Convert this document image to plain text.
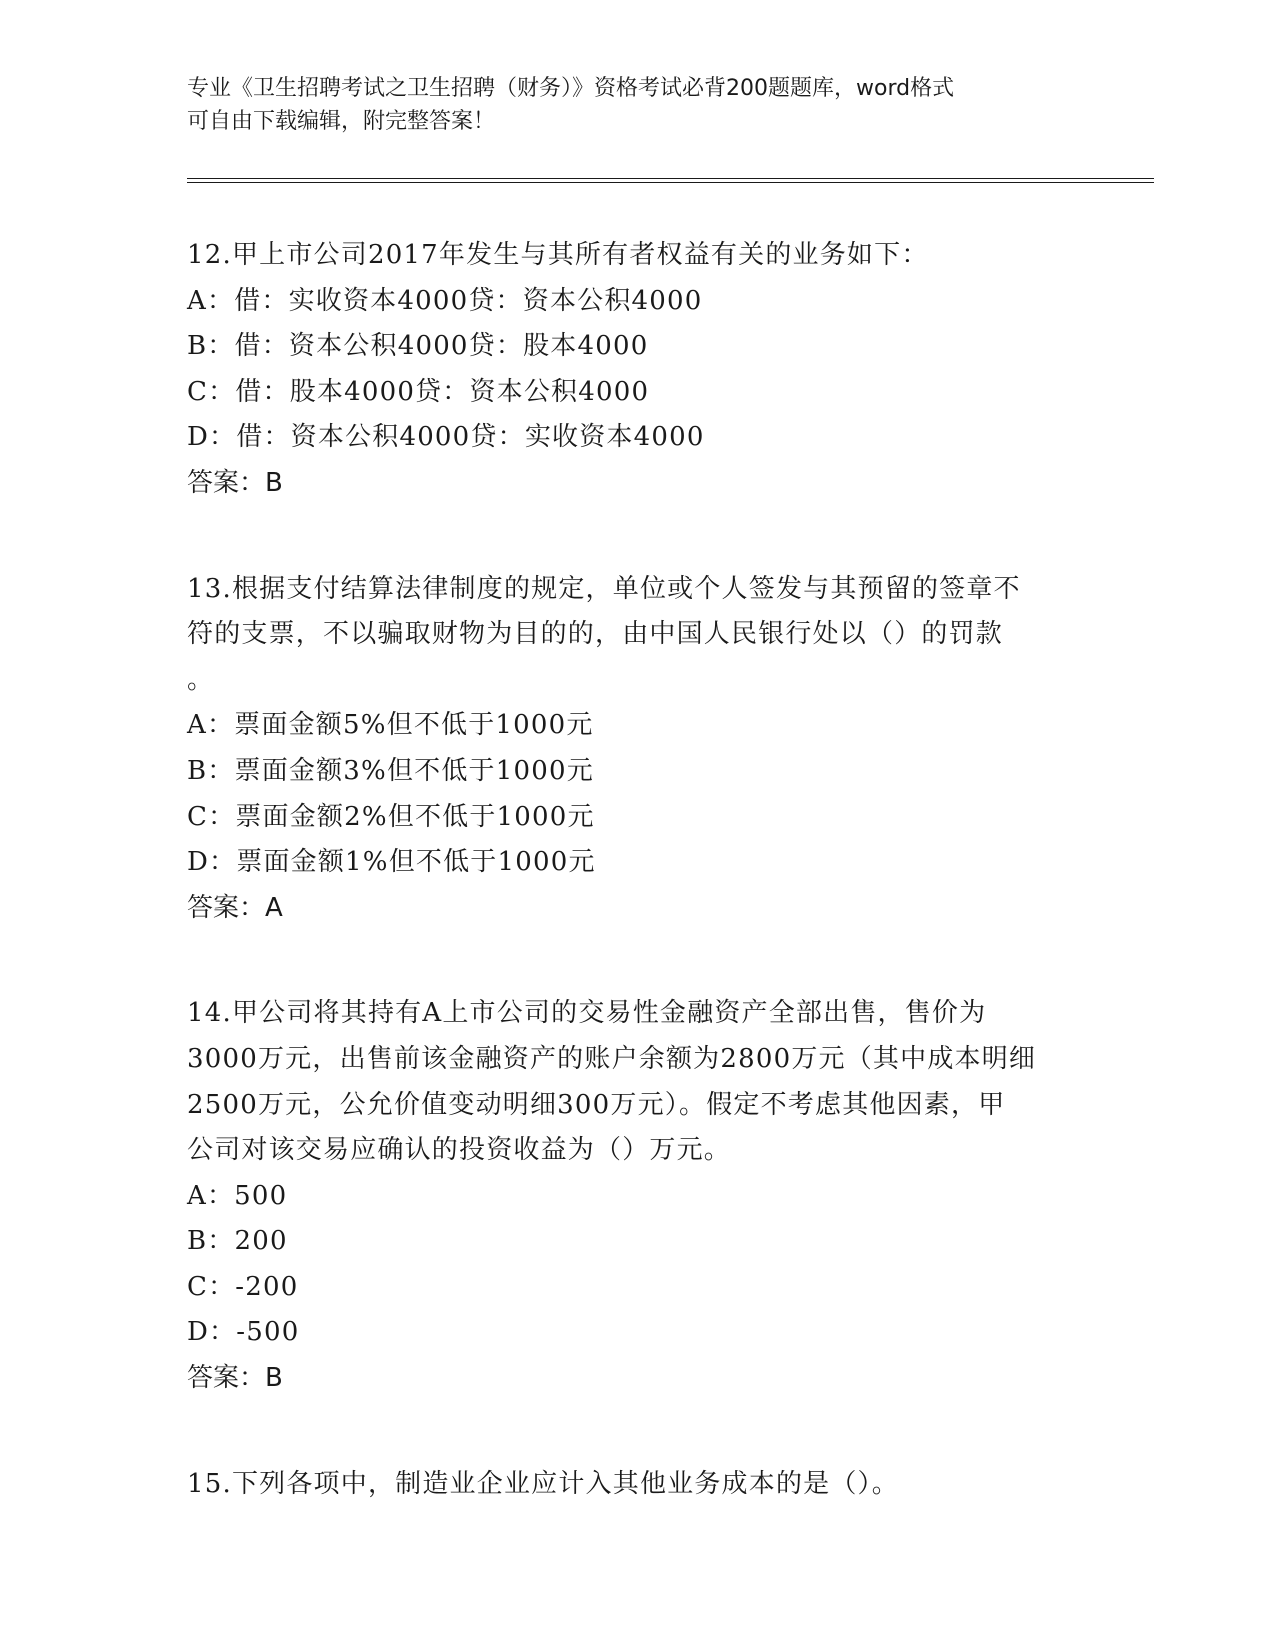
专业《卫生招聘考试之卫生招聘（财务）》资格考试必背200题题库，word格式
可自由下载编辑，附完整答案！
12.甲上市公司2017年发生与其所有者权益有关的业务如下：
A：借：实收资本4000贷：资本公积4000
B：借：资本公积4000贷：股本4000
C：借：股本4000贷：资本公积4000
D：借：资本公积4000贷：实收资本4000
答案：B
13.根据支付结算法律制度的规定，单位或个人签发与其预留的签章不
符的支票，不以骗取财物为目的的，由中国人民银行处以（）的罚款
。
A：票面金额5%但不低于1000元
B：票面金额3%但不低于1000元
C：票面金额2%但不低于1000元
D：票面金额1%但不低于1000元
答案：A
14.甲公司将其持有A上市公司的交易性金融资产全部出售，售价为
3000万元，出售前该金融资产的账户余额为2800万元（其中成本明细
2500万元，公允价值变动明细300万元）。假定不考虑其他因素，甲
公司对该交易应确认的投资收益为（）万元。
A：500
B：200
C：-200
D：-500
答案：B
15.下列各项中，制造业企业应计入其他业务成本的是（）。
